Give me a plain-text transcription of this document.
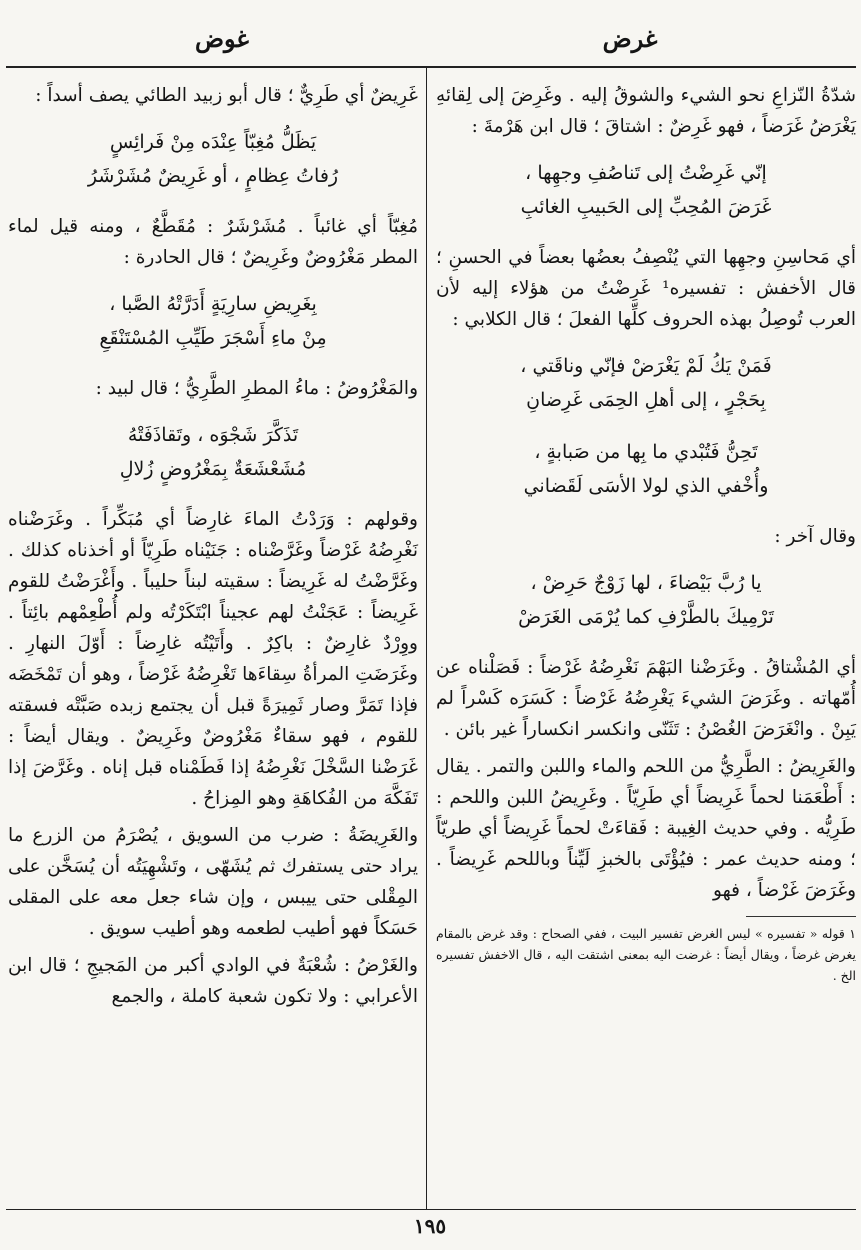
غرض
غوض

شدّةُ النّزاعِ نحو الشيء والشوقُ إليه . وغَرِضَ إلى لِقائهِ يَغْرَضُ غَرَضاً ، فهو غَرِضٌ : اشتاقَ ؛ قال ابن هَرْمةَ :

إنّي غَرِضْتُ إلى تَناصُفِ وجهِها ،
غَرَضَ المُحِبِّ إلى الحَبيبِ الغائبِ

أي مَحاسِنِ وجهِها التي يُنْصِفُ بعضُها بعضاً في الحسنِ ؛ قال الأخفش : تفسيره¹ غَرِضْتُ من هؤلاء إليه لأن العرب تُوصِلُ بهذه الحروف كلِّها الفعلَ ؛ قال الكلابي :

فَمَنْ يَكُ لَمْ يَغْرَضْ فإنّي وناقَتي ،
بِحَجْرٍ ، إلى أهلِ الحِمَى غَرِضانِ
تَحِنُّ فَتُبْدي ما بِها من صَبابةٍ ،
وأُخْفي الذي لولا الأسَى لَقَضاني

وقال آخر :

يا رُبَّ بَيْضاءَ ، لها زَوْجٌ حَرِضْ ،
تَرْمِيكَ بالطَّرْفِ كما يُرْمَى الغَرَضْ

أي المُشْتاقُ . وغَرَضْنا البَهْمَ نَغْرِضُهُ غَرْضاً : فَصَلْناه عن أُمّهاته . وغَرَضَ الشيءَ يَغْرِضُهُ غَرْضاً : كَسَرَه كَسْراً لم يَبِنْ . وانْغَرَضَ الغُصْنُ : تَثَنّى وانكسر انكساراً غير بائن .

والغَرِيضُ : الطَّرِيُّ من اللحم والماء واللبن والتمر . يقال : أَطْعَمَنا لحماً غَرِيضاً أي طَرِيّاً . وغَرِيضُ اللبن واللحم : طَرِيُّه . وفي حديث الغِيبة : فَقاءَتْ لحماً غَرِيضاً أي طريّاً ؛ ومنه حديث عمر : فيُؤْتَى بالخبزِ لَيِّناً وباللحم غَرِيضاً . وغَرَضَ غَرْضاً ، فهو

١ قوله « تفسيره » ليس الغرض تفسير البيت ، ففي الصحاح : وقد غرض بالمقام يغرض غرضاً ، ويقال أيضاً : غرضت اليه بمعنى اشتقت اليه ، قال الاخفش تفسيره الخ .

غَرِيضٌ أي طَرِيٌّ ؛ قال أبو زبيد الطائي يصف أسداً :

يَظَلُّ مُغِبّاً عِنْدَه مِنْ فَرائِسٍ
رُفاتُ عِظامٍ ، أو غَرِيضٌ مُشَرْشَرُ

مُغِبّاً أي غائباً . مُشَرْشَرٌ : مُقَطَّعٌ ، ومنه قيل لماء المطر مَغْرُوضٌ وغَرِيضٌ ؛ قال الحادرة :

بِغَرِيضِ سارِيَةٍ أَدَرَّتْهُ الصَّبا ،
مِنْ ماءِ أَسْجَرَ طَيِّبِ المُسْتَنْقَعِ

والمَغْرُوضُ : ماءُ المطرِ الطَّرِيُّ ؛ قال لبيد :

تَذَكَّرَ شَجْوَه ، وتَقاذَفَتْهُ
مُشَعْشَعَةٌ بِمَغْرُوضٍ زُلالِ

وقولهم : وَرَدْتُ الماءَ غارِضاً أي مُبَكِّراً . وغَرَضْناه نَغْرِضُهُ غَرْضاً وغَرَّضْناه : جَنَيْناه طَرِيّاً أو أخذناه كذلك . وغَرَّضْتُ له غَرِيضاً : سقيته لبناً حليباً . وأَغْرَضْتُ للقوم غَرِيضاً : عَجَنْتُ لهم عجيناً ابْتَكَرْتُه ولم أُطْعِمْهم بائِتاً . ووِرْدٌ غارِضٌ : باكِرٌ . وأَتَيْتُه غارِضاً : أَوّلَ النهارِ . وغَرَضَتِ المرأةُ سِقاءَها تَغْرِضُهُ غَرْضاً ، وهو أن تَمْخَضَه فإذا تَمَرَّ وصار ثَمِيرَةً قبل أن يجتمع زبده صَبَّتْه فسقته للقوم ، فهو سقاءٌ مَغْرُوضٌ وغَرِيضٌ . ويقال أيضاً : غَرَضْنا السَّخْلَ نَغْرِضُهُ إذا فَطَمْناه قبل إناه . وغَرَّضَ إذا تَفَكَّهَ من الفُكاهَةِ وهو المِزاحُ .

والغَرِيضَةُ : ضرب من السويق ، يُصْرَمُ من الزرع ما يراد حتى يستفرك ثم يُشَهّى ، وتَشْهِيَتُه أن يُسَخَّن على المِقْلى حتى ييبس ، وإن شاء جعل معه على المقلى حَسَكاً فهو أطيب لطعمه وهو أطيب سويق .

والغَرْضُ : شُعْبَةٌ في الوادي أكبر من المَجيجِ ؛ قال ابن الأعرابي : ولا تكون شعبة كاملة ، والجمع

١٩٥
